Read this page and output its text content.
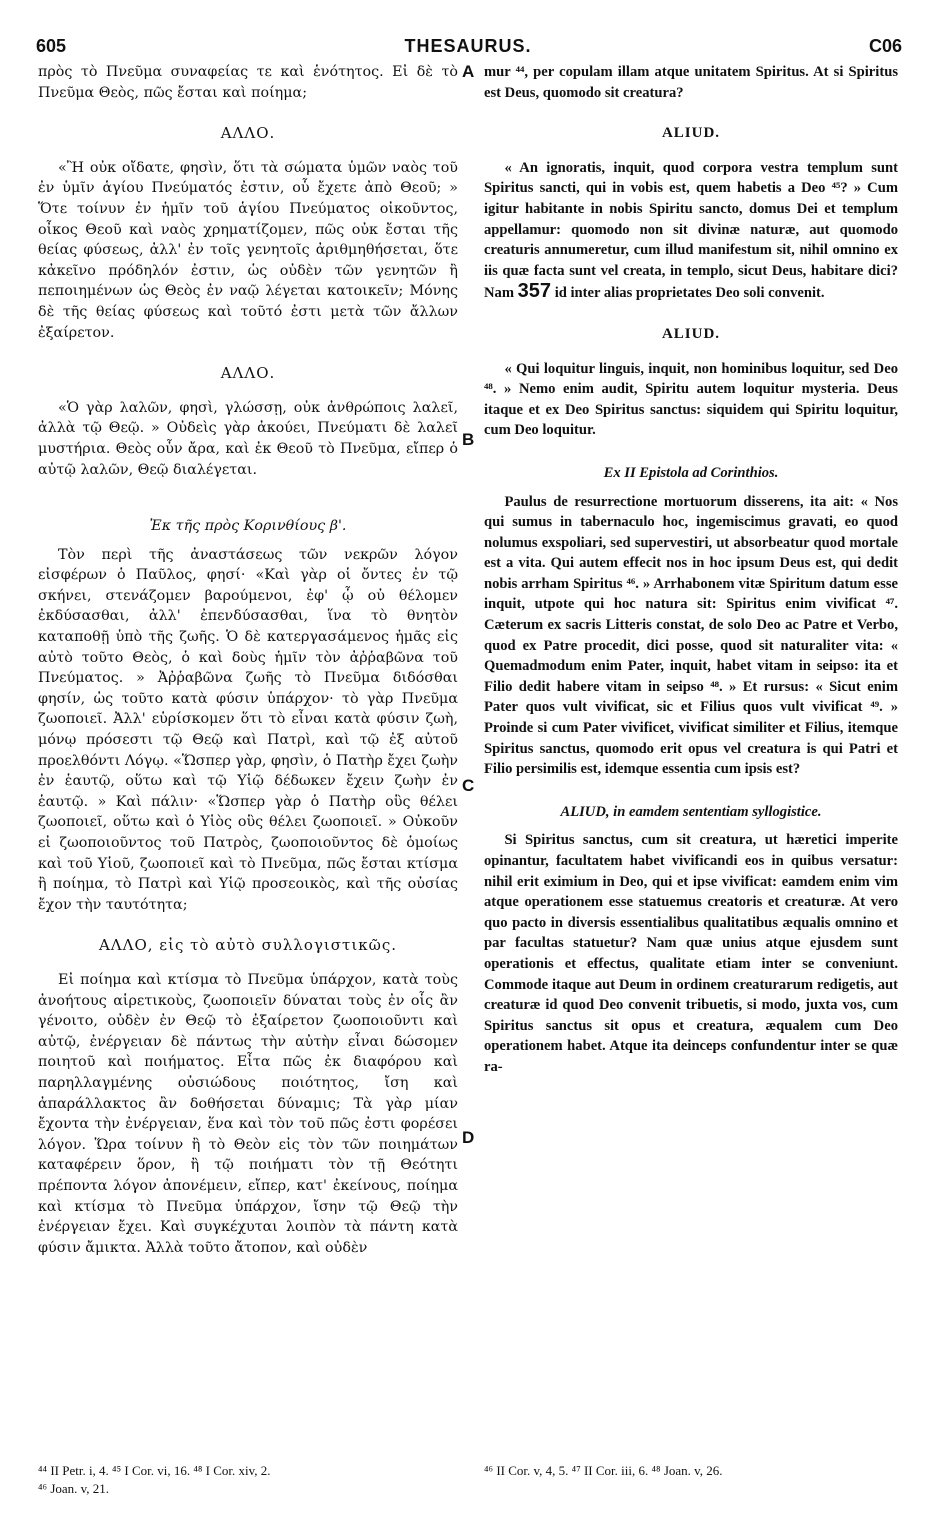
605	THESAURUS.	C06
A
B
C
D

πρὸς τὸ Πνεῦμα συναφείας τε καὶ ἑνότητος. Εἰ δὲ τὸ Πνεῦμα Θεὸς, πῶς ἔσται καὶ ποίημα;

ΑΛΛΟ.

«Ἢ οὐκ οἴδατε, φησὶν, ὅτι τὰ σώματα ὑμῶν ναὸς τοῦ ἐν ὑμῖν ἁγίου Πνεύματός ἐστιν, οὗ ἔχετε ἀπὸ Θεοῦ; » Ὅτε τοίνυν ἐν ἡμῖν τοῦ ἁγίου Πνεύματος οἰκοῦντος, οἶκος Θεοῦ καὶ ναὸς χρηματίζομεν, πῶς οὐκ ἔσται τῆς θείας φύσεως, ἀλλ' ἐν τοῖς γενητοῖς ἀριθμηθήσεται, ὅτε κἀκεῖνο πρόδηλόν ἐστιν, ὡς οὐδὲν τῶν γενητῶν ἢ πεποιημένων ὡς Θεὸς ἐν ναῷ λέγεται κατοικεῖν; Μόνης δὲ τῆς θείας φύσεως καὶ τοῦτό ἐστι μετὰ τῶν ἄλλων ἐξαίρετον.

ΑΛΛΟ.

«Ὁ γὰρ λαλῶν, φησὶ, γλώσσῃ, οὐκ ἀνθρώποις λαλεῖ, ἀλλὰ τῷ Θεῷ. » Οὐδεὶς γὰρ ἀκούει, Πνεύματι δὲ λαλεῖ μυστήρια. Θεὸς οὖν ἄρα, καὶ ἐκ Θεοῦ τὸ Πνεῦμα, εἴπερ ὁ αὐτῷ λαλῶν, Θεῷ διαλέγεται.

Ἐκ τῆς πρὸς Κορινθίους β'.

Τὸν περὶ τῆς ἀναστάσεως τῶν νεκρῶν λόγον εἰσφέρων ὁ Παῦλος, φησί· «Καὶ γὰρ οἱ ὄντες ἐν τῷ σκήνει, στενάζομεν βαρούμενοι, ἐφ' ᾧ οὐ θέλομεν ἐκδύσασθαι, ἀλλ' ἐπενδύσασθαι, ἵνα τὸ θνητὸν καταποθῇ ὑπὸ τῆς ζωῆς. Ὁ δὲ κατεργασάμενος ἡμᾶς εἰς αὐτὸ τοῦτο Θεὸς, ὁ καὶ δοὺς ἡμῖν τὸν ἀῤῥαβῶνα τοῦ Πνεύματος. » Ἀῤῥαβῶνα ζωῆς τὸ Πνεῦμα διδόσθαι φησίν, ὡς τοῦτο κατὰ φύσιν ὑπάρχον· τὸ γὰρ Πνεῦμα ζωοποιεῖ. Ἀλλ' εὑρίσκομεν ὅτι τὸ εἶναι κατὰ φύσιν ζωὴ, μόνῳ πρόσεστι τῷ Θεῷ καὶ Πατρὶ, καὶ τῷ ἐξ αὐτοῦ προελθόντι Λόγῳ. «Ὥσπερ γὰρ, φησὶν, ὁ Πατὴρ ἔχει ζωὴν ἐν ἑαυτῷ, οὕτω καὶ τῷ Υἱῷ δέδωκεν ἔχειν ζωὴν ἐν ἑαυτῷ. » Καὶ πάλιν· «Ὥσπερ γὰρ ὁ Πατὴρ οὓς θέλει ζωοποιεῖ, οὕτω καὶ ὁ Υἱὸς οὓς θέλει ζωοποιεῖ. » Οὐκοῦν εἰ ζωοποιοῦντος τοῦ Πατρὸς, ζωοποιοῦντος δὲ ὁμοίως καὶ τοῦ Υἱοῦ, ζωοποιεῖ καὶ τὸ Πνεῦμα, πῶς ἔσται κτίσμα ἢ ποίημα, τὸ Πατρὶ καὶ Υἱῷ προσεοικὸς, καὶ τῆς οὐσίας ἔχον τὴν ταυτότητα;

ΑΛΛΟ, εἰς τὸ αὐτὸ συλλογιστικῶς.

Εἰ ποίημα καὶ κτίσμα τὸ Πνεῦμα ὑπάρχον, κατὰ τοὺς ἀνοήτους αἱρετικοὺς, ζωοποιεῖν δύναται τοὺς ἐν οἷς ἂν γένοιτο, οὐδὲν ἐν Θεῷ τὸ ἐξαίρετον ζωοποιοῦντι καὶ αὐτῷ, ἐνέργειαν δὲ πάντως τὴν αὐτὴν εἶναι δώσομεν ποιητοῦ καὶ ποιήματος. Εἶτα πῶς ἐκ διαφόρου καὶ παρηλλαγμένης οὐσιώδους ποιότητος, ἴση καὶ ἀπαράλλακτος ἂν δοθήσεται δύναμις; Τὰ γὰρ μίαν ἔχοντα τὴν ἐνέργειαν, ἕνα καὶ τὸν τοῦ πῶς ἐστι φορέσει λόγον. Ὥρα τοίνυν ἢ τὸ Θεὸν εἰς τὸν τῶν ποιημάτων καταφέρειν ὅρον, ἢ τῷ ποιήματι τὸν τῇ Θεότητι πρέποντα λόγον ἀπονέμειν, εἴπερ, κατ' ἐκείνους, ποίημα καὶ κτίσμα τὸ Πνεῦμα ὑπάρχον, ἴσην τῷ Θεῷ τὴν ἐνέργειαν ἔχει. Καὶ συγκέχυται λοιπὸν τὰ πάντη κατὰ φύσιν ἄμικτα. Ἀλλὰ τοῦτο ἄτοπον, καὶ οὐδὲν

mur ⁴⁴, per copulam illam atque unitatem Spiritus. At si Spiritus est Deus, quomodo sit creatura?

ALIUD.

« An ignoratis, inquit, quod corpora vestra templum sunt Spiritus sancti, qui in vobis est, quem habetis a Deo ⁴⁵? » Cum igitur habitante in nobis Spiritu sancto, domus Dei et templum appellamur: quomodo non sit divinæ naturæ, aut quomodo creaturis annumeretur, cum illud manifestum sit, nihil omnino ex iis quæ facta sunt vel creata, in templo, sicut Deus, habitare dici? Nam 357 id inter alias proprietates Deo soli convenit.

ALIUD.

« Qui loquitur linguis, inquit, non hominibus loquitur, sed Deo ⁴⁸. » Nemo enim audit, Spiritu autem loquitur mysteria. Deus itaque et ex Deo Spiritus sanctus: siquidem qui Spiritu loquitur, cum Deo loquitur.

Ex II Epistola ad Corinthios.

Paulus de resurrectione mortuorum disserens, ita ait: « Nos qui sumus in tabernaculo hoc, ingemiscimus gravati, eo quod nolumus exspoliari, sed supervestiri, ut absorbeatur quod mortale est a vita. Qui autem effecit nos in hoc ipsum Deus est, qui dedit nobis arrham Spiritus ⁴⁶. » Arrhabonem vitæ Spiritum datum esse inquit, utpote qui hoc natura sit: Spiritus enim vivificat ⁴⁷. Cæterum ex sacris Litteris constat, de solo Deo ac Patre et Verbo, quod ex Patre procedit, dici posse, quod sit naturaliter vita: « Quemadmodum enim Pater, inquit, habet vitam in seipso: ita et Filio dedit habere vitam in seipso ⁴⁸. » Et rursus: « Sicut enim Pater quos vult vivificat, sic et Filius quos vult vivificat ⁴⁹. » Proinde si cum Pater vivificet, vivificat similiter et Filius, itemque Spiritus sanctus, quomodo erit opus vel creatura is qui Patri et Filio persimilis est, idemque essentia cum ipsis est?

ALIUD, in eamdem sententiam syllogistice.

Si Spiritus sanctus, cum sit creatura, ut hæretici imperite opinantur, facultatem habet vivificandi eos in quibus versatur: nihil erit eximium in Deo, qui et ipse vivificat: eamdem enim vim atque operationem esse statuemus creatoris et creaturæ. At vero quo pacto in diversis essentialibus qualitatibus æqualis omnino et par facultas statuetur? Nam quæ unius atque ejusdem sunt operationis et effectus, qualitate etiam inter se conveniunt. Commode itaque aut Deum in ordinem creaturarum redigetis, aut creaturæ id quod Deo convenit tribuetis, si modo, juxta vos, cum Spiritus sanctus sit opus et creatura, æqualem cum Deo operationem habet. Atque ita deinceps confundentur inter se quæ ra-

⁴⁴ II Petr. i, 4. ⁴⁵ I Cor. vi, 16. ⁴⁸ I Cor. xiv, 2.
⁴⁶ Joan. v, 21.
⁴⁶ II Cor. v, 4, 5. ⁴⁷ II Cor. iii, 6. ⁴⁸ Joan. v, 26.
